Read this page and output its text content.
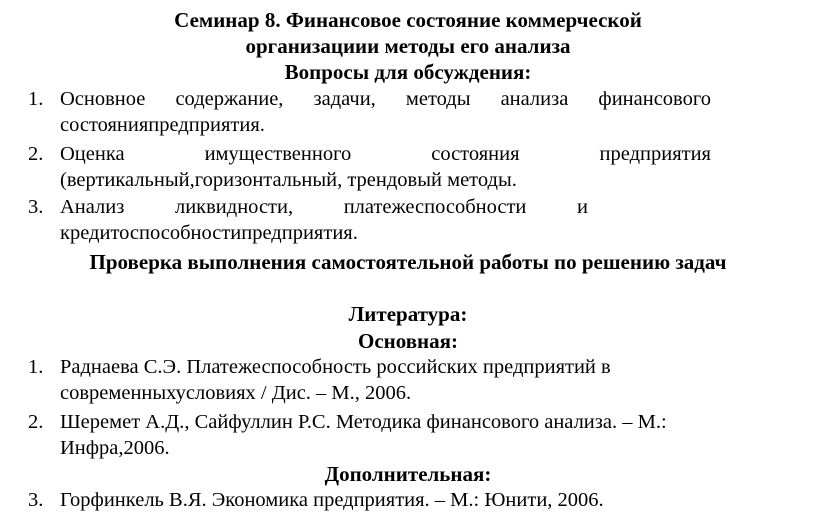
Семинар 8. Финансовое состояние коммерческой
организациии методы его анализа
Вопросы для обсуждения:
1. Основное содержание, задачи, методы анализа финансового
состоянияпредприятия.
2. Оценка имущественного состояния предприятия
(вертикальный,горизонтальный, трендовый методы.
3. Анализ ликвидности, платежеспособности и
кредитоспособностипредприятия.
Проверка выполнения самостоятельной работы по решению задач
Литература:
Основная:
1. Раднаева С.Э. Платежеспособность российских предприятий в
современныхусловиях / Дис. – М., 2006.
2. Шеремет А.Д., Сайфуллин Р.С. Методика финансового анализа. – М.:
Инфра,2006.
Дополнительная:
3. Горфинкель В.Я. Экономика предприятия. – М.: Юнити, 2006.
